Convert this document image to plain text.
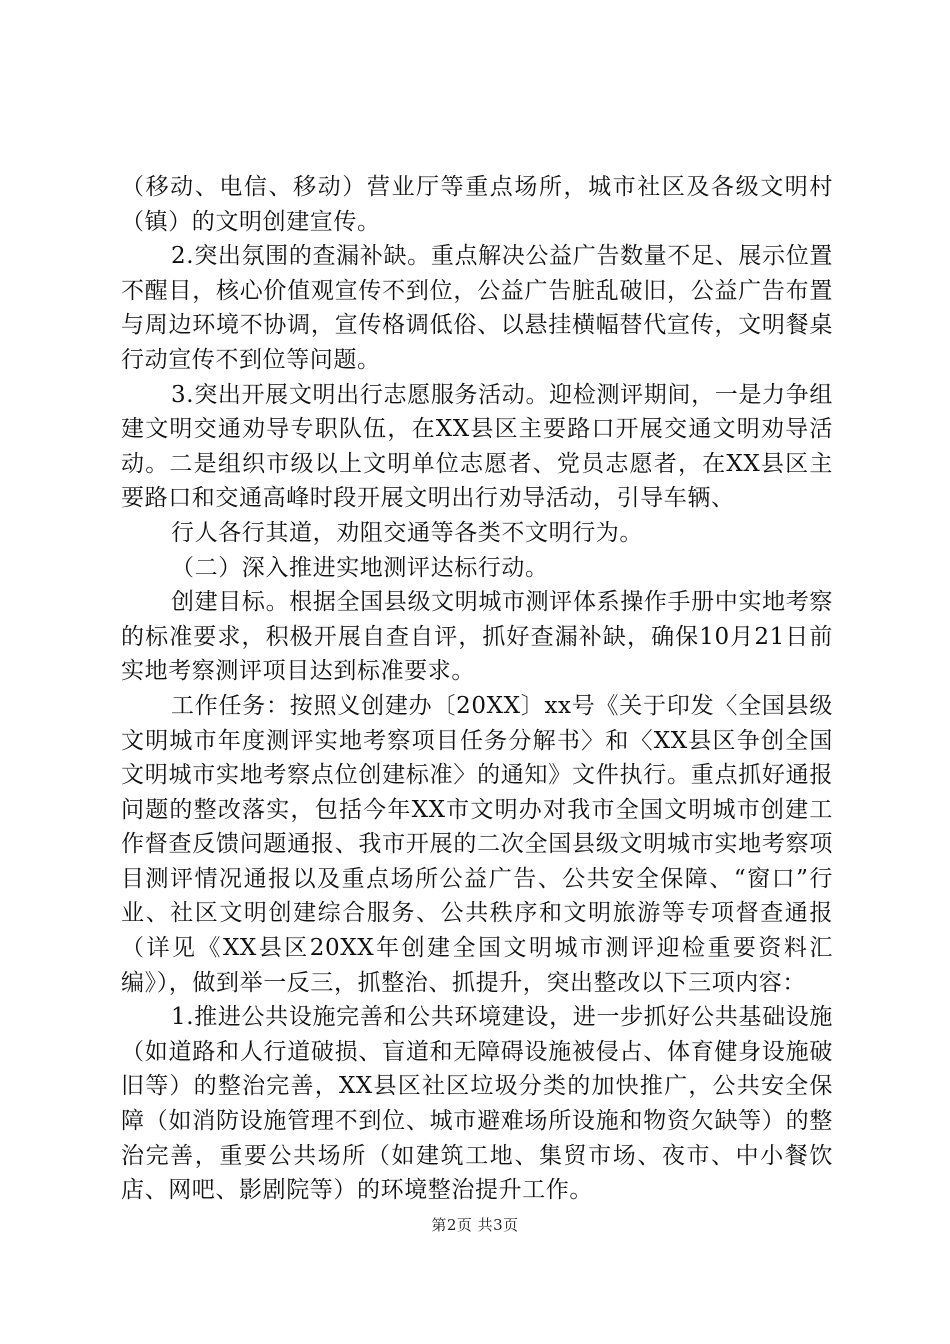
（移动、电信、移动）营业厅等重点场所，城市社区及各级文明村（镇）的文明创建宣传。

2.突出氛围的查漏补缺。重点解决公益广告数量不足、展示位置不醒目，核心价值观宣传不到位，公益广告脏乱破旧，公益广告布置与周边环境不协调，宣传格调低俗、以悬挂横幅替代宣传，文明餐桌行动宣传不到位等问题。

3.突出开展文明出行志愿服务活动。迎检测评期间，一是力争组建文明交通劝导专职队伍，在XX县区主要路口开展交通文明劝导活动。二是组织市级以上文明单位志愿者、党员志愿者，在XX县区主要路口和交通高峰时段开展文明出行劝导活动，引导车辆、

行人各行其道，劝阻交通等各类不文明行为。

（二）深入推进实地测评达标行动。

创建目标。根据全国县级文明城市测评体系操作手册中实地考察的标准要求，积极开展自查自评，抓好查漏补缺，确保10月21日前实地考察测评项目达到标准要求。

工作任务：按照义创建办〔20XX〕xx号《关于印发〈全国县级文明城市年度测评实地考察项目任务分解书〉和〈XX县区争创全国文明城市实地考察点位创建标准〉的通知》文件执行。重点抓好通报问题的整改落实，包括今年XX市文明办对我市全国文明城市创建工作督查反馈问题通报、我市开展的二次全国县级文明城市实地考察项目测评情况通报以及重点场所公益广告、公共安全保障、“窗口”行业、社区文明创建综合服务、公共秩序和文明旅游等专项督查通报（详见《XX县区20XX年创建全国文明城市测评迎检重要资料汇编》），做到举一反三，抓整治、抓提升，突出整改以下三项内容：

1.推进公共设施完善和公共环境建设，进一步抓好公共基础设施（如道路和人行道破损、盲道和无障碍设施被侵占、体育健身设施破旧等）的整治完善，XX县区社区垃圾分类的加快推广，公共安全保障（如消防设施管理不到位、城市避难场所设施和物资欠缺等）的整治完善，重要公共场所（如建筑工地、集贸市场、夜市、中小餐饮店、网吧、影剧院等）的环境整治提升工作。

第2页 共3页
